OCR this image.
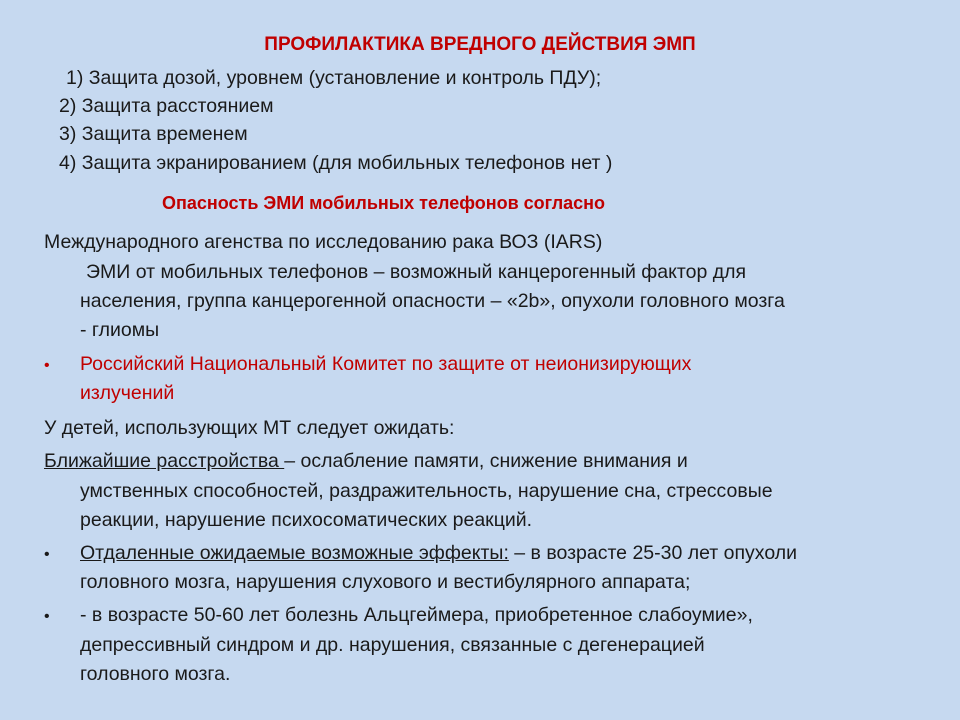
ПРОФИЛАКТИКА ВРЕДНОГО ДЕЙСТВИЯ ЭМП
1) Защита дозой, уровнем (установление и контроль ПДУ);
2) Защита расстоянием
3) Защита временем
4) Защита экранированием (для мобильных телефонов нет )
Опасность ЭМИ мобильных телефонов согласно
Международного агенства по исследованию рака ВОЗ (IARS)
ЭМИ от мобильных телефонов – возможный канцерогенный фактор для
населения, группа канцерогенной опасности – «2b», опухоли головного мозга
- глиомы
• Российский Национальный Комитет по защите от неионизирующих
излучений
У детей, использующих МТ следует ожидать:
Ближайшие расстройства – ослабление памяти, снижение внимания и
умственных способностей, раздражительность, нарушение сна, стрессовые
реакции, нарушение психосоматических реакций.
• Отдаленные ожидаемые возможные эффекты: – в возрасте 25-30 лет опухоли
головного мозга, нарушения слухового и вестибулярного аппарата;
• - в возрасте 50-60 лет болезнь Альцгеймера, приобретенное слабоумие»,
депрессивный синдром и др. нарушения, связанные с дегенерацией
головного мозга.
